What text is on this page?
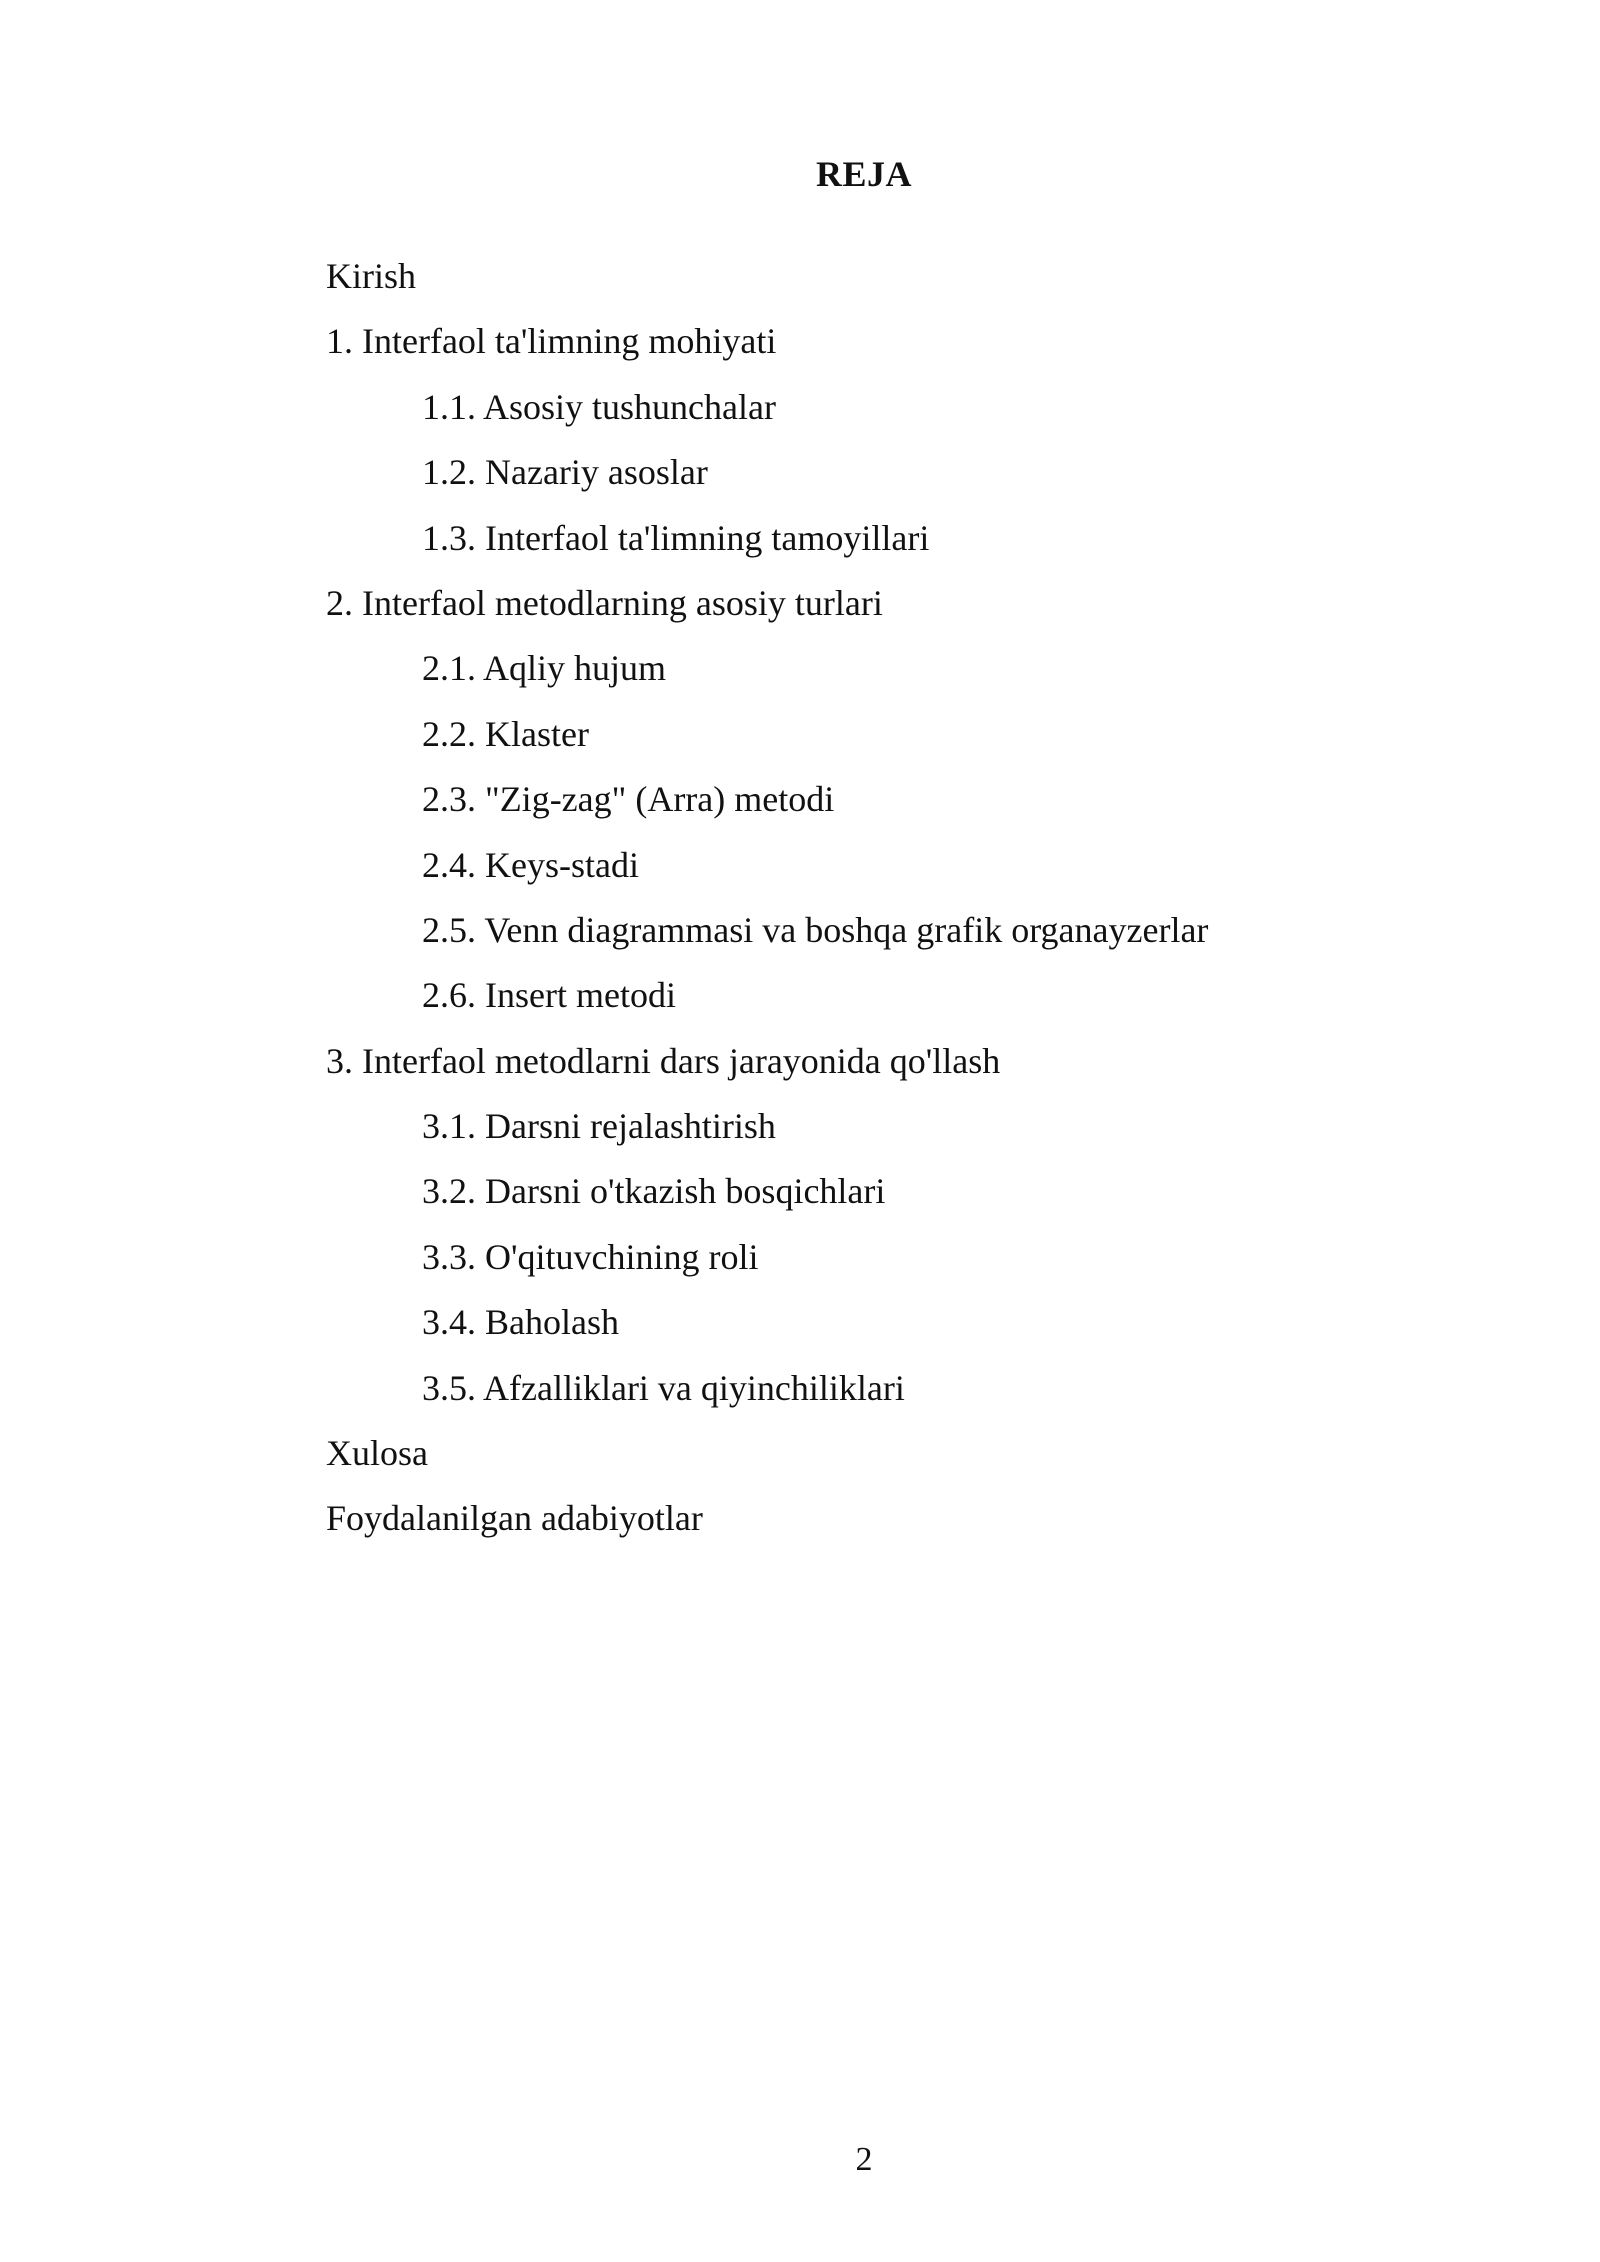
REJA
Kirish
1. Interfaol ta'limning mohiyati
1.1. Asosiy tushunchalar
1.2. Nazariy asoslar
1.3. Interfaol ta'limning tamoyillari
2. Interfaol metodlarning asosiy turlari
2.1. Aqliy hujum
2.2. Klaster
2.3. "Zig-zag" (Arra) metodi
2.4. Keys-stadi
2.5. Venn diagrammasi va boshqa grafik organayzerlar
2.6. Insert metodi
3. Interfaol metodlarni dars jarayonida qo'llash
3.1. Darsni rejalashtirish
3.2. Darsni o'tkazish bosqichlari
3.3. O'qituvchining roli
3.4. Baholash
3.5. Afzalliklari va qiyinchiliklari
Xulosa
Foydalanilgan adabiyotlar
2
